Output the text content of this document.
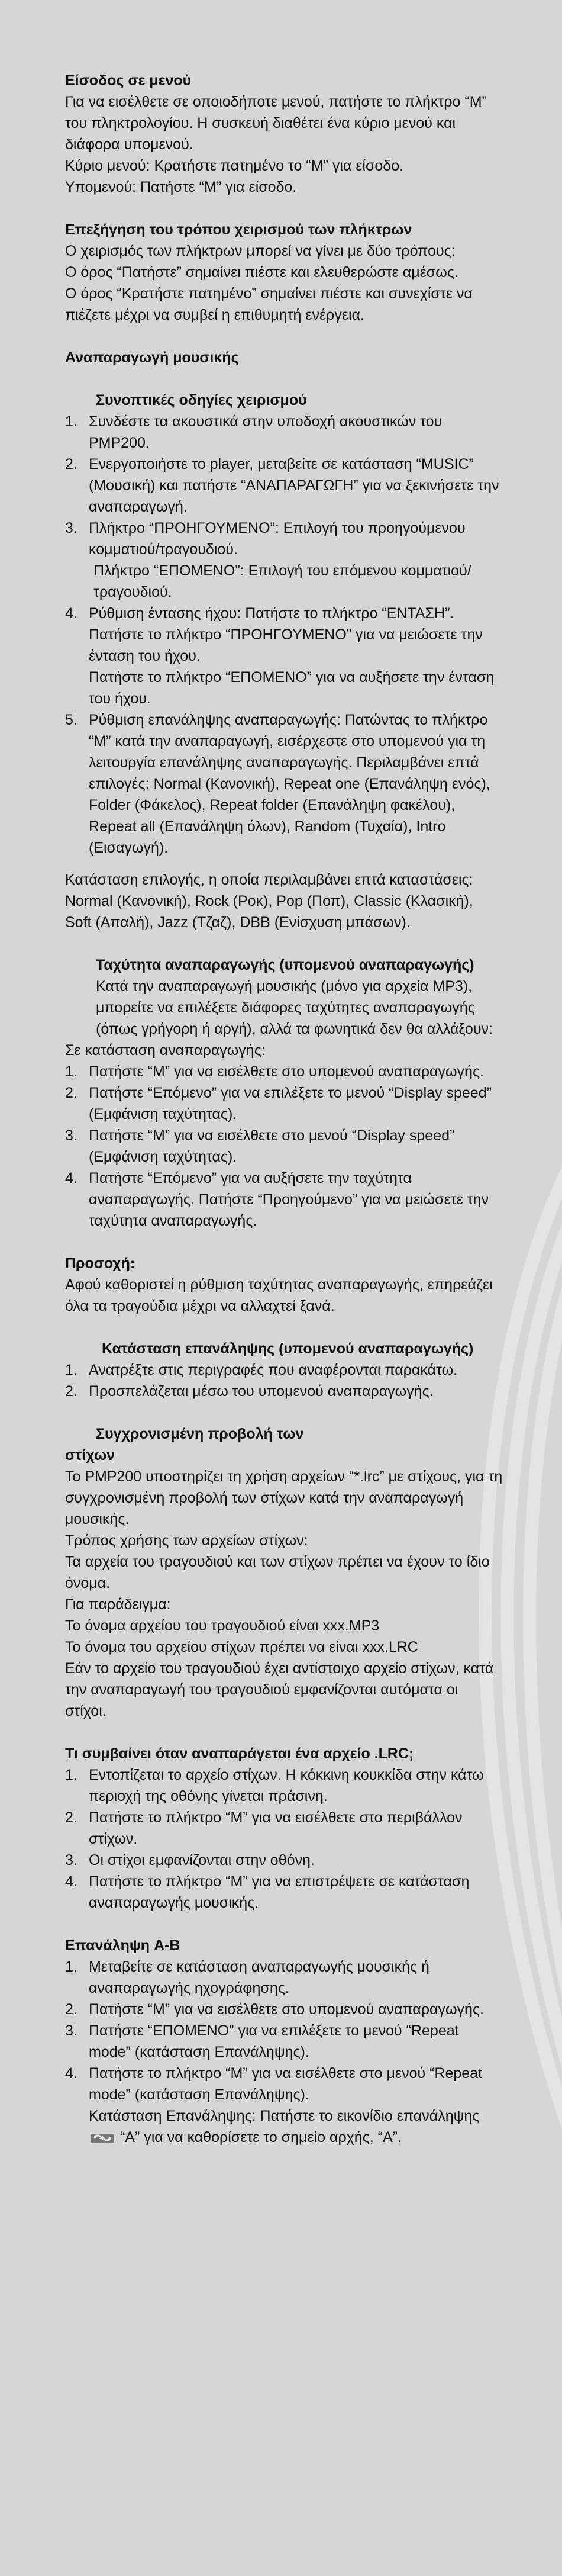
Είσοδος σε μενού
Για να εισέλθετε σε οποιοδήποτε μενού, πατήστε το πλήκτρο “M” του πληκτρολογίου. Η συσκευή διαθέτει ένα κύριο μενού και διάφορα υπομενού.
Κύριο μενού: Κρατήστε πατημένο το “M” για είσοδο.
Υπομενού: Πατήστε “M” για είσοδο.
Επεξήγηση του τρόπου χειρισμού των πλήκτρων
Ο χειρισμός των πλήκτρων μπορεί να γίνει με δύο τρόπους:
Ο όρος “Πατήστε” σημαίνει πιέστε και ελευθερώστε αμέσως.
Ο όρος “Κρατήστε πατημένο” σημαίνει πιέστε και συνεχίστε να πιέζετε μέχρι να συμβεί η επιθυμητή ενέργεια.
Αναπαραγωγή μουσικής
Συνοπτικές οδηγίες χειρισμού
1. Συνδέστε τα ακουστικά στην υποδοχή ακουστικών του PMP200.
2. Ενεργοποιήστε το player, μεταβείτε σε κατάσταση “MUSIC” (Μουσική) και πατήστε “ΑΝΑΠΑΡΑΓΩΓΗ” για να ξεκινήσετε την αναπαραγωγή.
3. Πλήκτρο “ΠΡΟΗΓΟΥΜΕΝΟ”: Επιλογή του προηγούμενου κομματιού/τραγουδιού.
Πλήκτρο “ΕΠΟΜΕΝΟ”: Επιλογή του επόμενου κομματιού/τραγουδιού.
4. Ρύθμιση έντασης ήχου: Πατήστε το πλήκτρο “ΕΝΤΑΣΗ”.
Πατήστε το πλήκτρο “ΠΡΟΗΓΟΥΜΕΝΟ” για να μειώσετε την ένταση του ήχου.
Πατήστε το πλήκτρο “ΕΠΟΜΕΝΟ” για να αυξήσετε την ένταση του ήχου.
5. Ρύθμιση επανάληψης αναπαραγωγής: Πατώντας το πλήκτρο “M” κατά την αναπαραγωγή, εισέρχεστε στο υπομενού για τη λειτουργία επανάληψης αναπαραγωγής. Περιλαμβάνει επτά επιλογές: Normal (Κανονική), Repeat one (Επανάληψη ενός), Folder (Φάκελος), Repeat folder (Επανάληψη φακέλου), Repeat all (Επανάληψη όλων), Random (Τυχαία), Intro (Εισαγωγή).
Κατάσταση επιλογής, η οποία περιλαμβάνει επτά καταστάσεις: Normal (Κανονική), Rock (Ροκ), Pop (Ποπ), Classic (Κλασική), Soft (Απαλή), Jazz (Τζαζ), DBB (Ενίσχυση μπάσων).
Ταχύτητα αναπαραγωγής (υπομενού αναπαραγωγής)
Κατά την αναπαραγωγή μουσικής (μόνο για αρχεία MP3), μπορείτε να επιλέξετε διάφορες ταχύτητες αναπαραγωγής (όπως γρήγορη ή αργή), αλλά τα φωνητικά δεν θα αλλάξουν:
Σε κατάσταση αναπαραγωγής:
1. Πατήστε “M” για να εισέλθετε στο υπομενού αναπαραγωγής.
2. Πατήστε “Επόμενο” για να επιλέξετε το μενού “Display speed” (Εμφάνιση ταχύτητας).
3. Πατήστε “M” για να εισέλθετε στο μενού “Display speed” (Εμφάνιση ταχύτητας).
4. Πατήστε “Επόμενο” για να αυξήσετε την ταχύτητα αναπαραγωγής. Πατήστε “Προηγούμενο” για να μειώσετε την ταχύτητα αναπαραγωγής.
Προσοχή:
Αφού καθοριστεί η ρύθμιση ταχύτητας αναπαραγωγής, επηρεάζει όλα τα τραγούδια μέχρι να αλλαχτεί ξανά.
Κατάσταση επανάληψης (υπομενού αναπαραγωγής)
1. Ανατρέξτε στις περιγραφές που αναφέρονται παρακάτω.
2. Προσπελάζεται μέσω του υπομενού αναπαραγωγής.
Συγχρονισμένη προβολή των
στίχων
To PMP200 υποστηρίζει τη χρήση αρχείων “*.lrc” με στίχους, για τη συγχρονισμένη προβολή των στίχων κατά την αναπαραγωγή μουσικής.
Τρόπος χρήσης των αρχείων στίχων:
Τα αρχεία του τραγουδιού και των στίχων πρέπει να έχουν το ίδιο όνομα.
Για παράδειγμα:
Το όνομα αρχείου του τραγουδιού είναι xxx.MP3
Το όνομα του αρχείου στίχων πρέπει να είναι xxx.LRC
Εάν το αρχείο του τραγουδιού έχει αντίστοιχο αρχείο στίχων, κατά την αναπαραγωγή του τραγουδιού εμφανίζονται αυτόματα οι στίχοι.
Τι συμβαίνει όταν αναπαράγεται ένα αρχείο .LRC;
1. Εντοπίζεται το αρχείο στίχων. Η κόκκινη κουκκίδα στην κάτω περιοχή της οθόνης γίνεται πράσινη.
2. Πατήστε το πλήκτρο “M” για να εισέλθετε στο περιβάλλον στίχων.
3. Οι στίχοι εμφανίζονται στην οθόνη.
4. Πατήστε το πλήκτρο “M” για να επιστρέψετε σε κατάσταση αναπαραγωγής μουσικής.
Επανάληψη A-B
1. Μεταβείτε σε κατάσταση αναπαραγωγής μουσικής ή αναπαραγωγής ηχογράφησης.
2. Πατήστε “M” για να εισέλθετε στο υπομενού αναπαραγωγής.
3. Πατήστε “ΕΠΟΜΕΝΟ” για να επιλέξετε το μενού “Repeat mode” (κατάσταση Επανάληψης).
4. Πατήστε το πλήκτρο “M” για να εισέλθετε στο μενού “Repeat mode” (κατάσταση Επανάληψης).
Κατάσταση Επανάληψης: Πατήστε το εικονίδιο επανάληψης  “A” για να καθορίσετε το σημείο αρχής, “A”.
